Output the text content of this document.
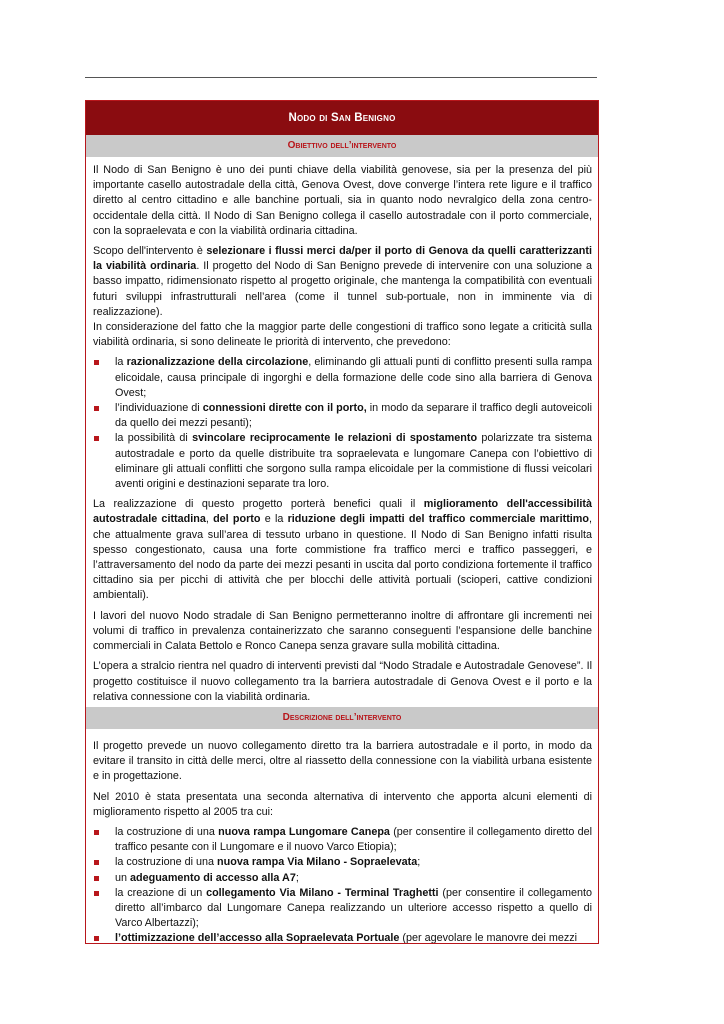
Nodo di San Benigno
Obiettivo dell’intervento

Il Nodo di San Benigno è uno dei punti chiave della viabilità genovese, sia per la presenza del più importante casello autostradale della città, Genova Ovest, dove converge l’intera rete ligure e il traffico diretto al centro cittadino e alle banchine portuali, sia in quanto nodo nevralgico della zona centro-occidentale della città. Il Nodo di San Benigno collega il casello autostradale con il porto commerciale, con la sopraelevata e con la viabilità ordinaria cittadina.

Scopo dell'intervento è selezionare i flussi merci da/per il porto di Genova da quelli caratterizzanti la viabilità ordinaria. Il progetto del Nodo di San Benigno prevede di intervenire con una soluzione a basso impatto, ridimensionato rispetto al progetto originale, che mantenga la compatibilità con eventuali futuri sviluppi infrastrutturali nell’area (come il tunnel sub-portuale, non in imminente via di realizzazione).

In considerazione del fatto che la maggior parte delle congestioni di traffico sono legate a criticità sulla viabilità ordinaria, si sono delineate le priorità di intervento, che prevedono:

la razionalizzazione della circolazione, eliminando gli attuali punti di conflitto presenti sulla rampa elicoidale, causa principale di ingorghi e della formazione delle code sino alla barriera di Genova Ovest;
l’individuazione di connessioni dirette con il porto, in modo da separare il traffico degli autoveicoli da quello dei mezzi pesanti);
la possibilità di svincolare reciprocamente le relazioni di spostamento polarizzate tra sistema autostradale e porto da quelle distribuite tra sopraelevata e lungomare Canepa con l’obiettivo di eliminare gli attuali conflitti che sorgono sulla rampa elicoidale per la commistione di flussi veicolari aventi origini e destinazioni separate tra loro.

La realizzazione di questo progetto porterà benefici quali il miglioramento dell'accessibilità autostradale cittadina, del porto e la riduzione degli impatti del traffico commerciale marittimo, che attualmente grava sull’area di tessuto urbano in questione. Il Nodo di San Benigno infatti risulta spesso congestionato, causa una forte commistione fra traffico merci e traffico passeggeri, e l’attraversamento del nodo da parte dei mezzi pesanti in uscita dal porto condiziona fortemente il traffico cittadino sia per picchi di attività che per blocchi delle attività portuali (scioperi, cattive condizioni ambientali).

I lavori del nuovo Nodo stradale di San Benigno permetteranno inoltre di affrontare gli incrementi nei volumi di traffico in prevalenza containerizzato che saranno conseguenti l’espansione delle banchine commerciali in Calata Bettolo e Ronco Canepa senza gravare sulla mobilità cittadina.

L’opera a stralcio rientra nel quadro di interventi previsti dal “Nodo Stradale e Autostradale Genovese”. Il progetto costituisce il nuovo collegamento tra la barriera autostradale di Genova Ovest e il porto e la relativa connessione con la viabilità ordinaria.

Descrizione dell’intervento

Il progetto prevede un nuovo collegamento diretto tra la barriera autostradale e il porto, in modo da evitare il transito in città delle merci, oltre al riassetto della connessione con la viabilità urbana esistente e in progettazione.

Nel 2010 è stata presentata una seconda alternativa di intervento che apporta alcuni elementi di miglioramento rispetto al 2005 tra cui:

la costruzione di una nuova rampa Lungomare Canepa (per consentire il collegamento diretto del traffico pesante con il Lungomare e il nuovo Varco Etiopia);
la costruzione di una nuova rampa Via Milano - Sopraelevata;
un adeguamento di accesso alla A7;
la creazione di un collegamento Via Milano - Terminal Traghetti (per consentire il collegamento diretto all’imbarco dal Lungomare Canepa realizzando un ulteriore accesso rispetto a quello di Varco Albertazzi);
l’ottimizzazione dell’accesso alla Sopraelevata Portuale (per agevolare le manovre dei mezzi
